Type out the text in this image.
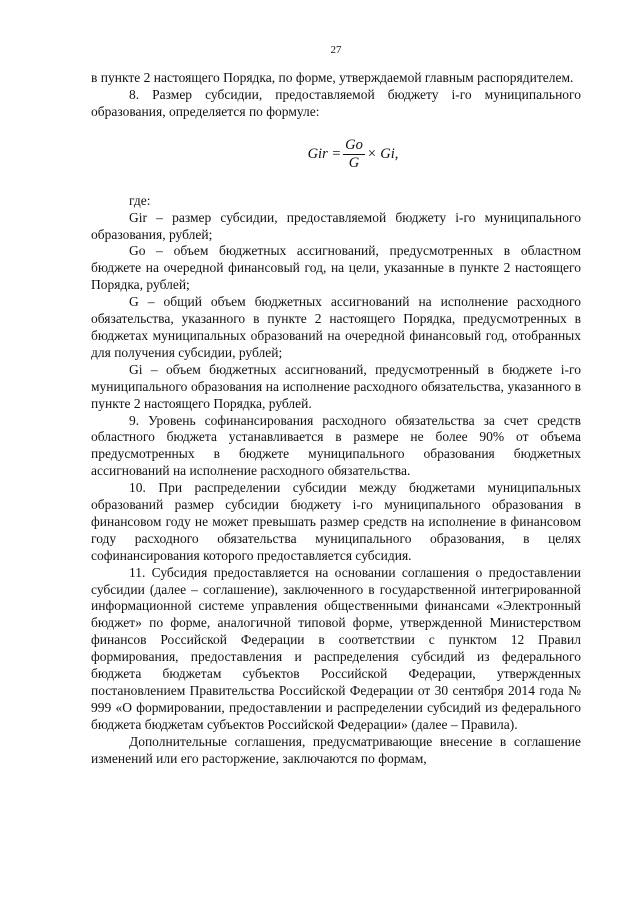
27

в пункте 2 настоящего Порядка, по форме, утверждаемой главным распорядителем.

8. Размер субсидии, предоставляемой бюджету i-го муниципального образования, определяется по формуле:

Gir = $\frac{Go}{G} \times Gi$,

где:

Gir – размер субсидии, предоставляемой бюджету i-го муниципального образования, рублей;

Go – объем бюджетных ассигнований, предусмотренных в областном бюджете на очередной финансовый год, на цели, указанные в пункте 2 настоящего Порядка, рублей;

G – общий объем бюджетных ассигнований на исполнение расходного обязательства, указанного в пункте 2 настоящего Порядка, предусмотренных в бюджетах муниципальных образований на очередной финансовый год, отобранных для получения субсидии, рублей;

Gi – объем бюджетных ассигнований, предусмотренный в бюджете i-го муниципального образования на исполнение расходного обязательства, указанного в пункте 2 настоящего Порядка, рублей.

9. Уровень софинансирования расходного обязательства за счет средств областного бюджета устанавливается в размере не более 90% от объема предусмотренных в бюджете муниципального образования бюджетных ассигнований на исполнение расходного обязательства.

10. При распределении субсидии между бюджетами муниципальных образований размер субсидии бюджету i-го муниципального образования в финансовом году не может превышать размер средств на исполнение в финансовом году расходного обязательства муниципального образования, в целях софинансирования которого предоставляется субсидия.

11. Субсидия предоставляется на основании соглашения о предоставлении субсидии (далее – соглашение), заключенного в государственной интегрированной информационной системе управления общественными финансами «Электронный бюджет» по форме, аналогичной типовой форме, утвержденной Министерством финансов Российской Федерации в соответствии с пунктом 12 Правил формирования, предоставления и распределения субсидий из федерального бюджета бюджетам субъектов Российской Федерации, утвержденных постановлением Правительства Российской Федерации от 30 сентября 2014 года № 999 «О формировании, предоставлении и распределении субсидий из федерального бюджета бюджетам субъектов Российской Федерации» (далее – Правила).

Дополнительные соглашения, предусматривающие внесение в соглашение изменений или его расторжение, заключаются по формам,
